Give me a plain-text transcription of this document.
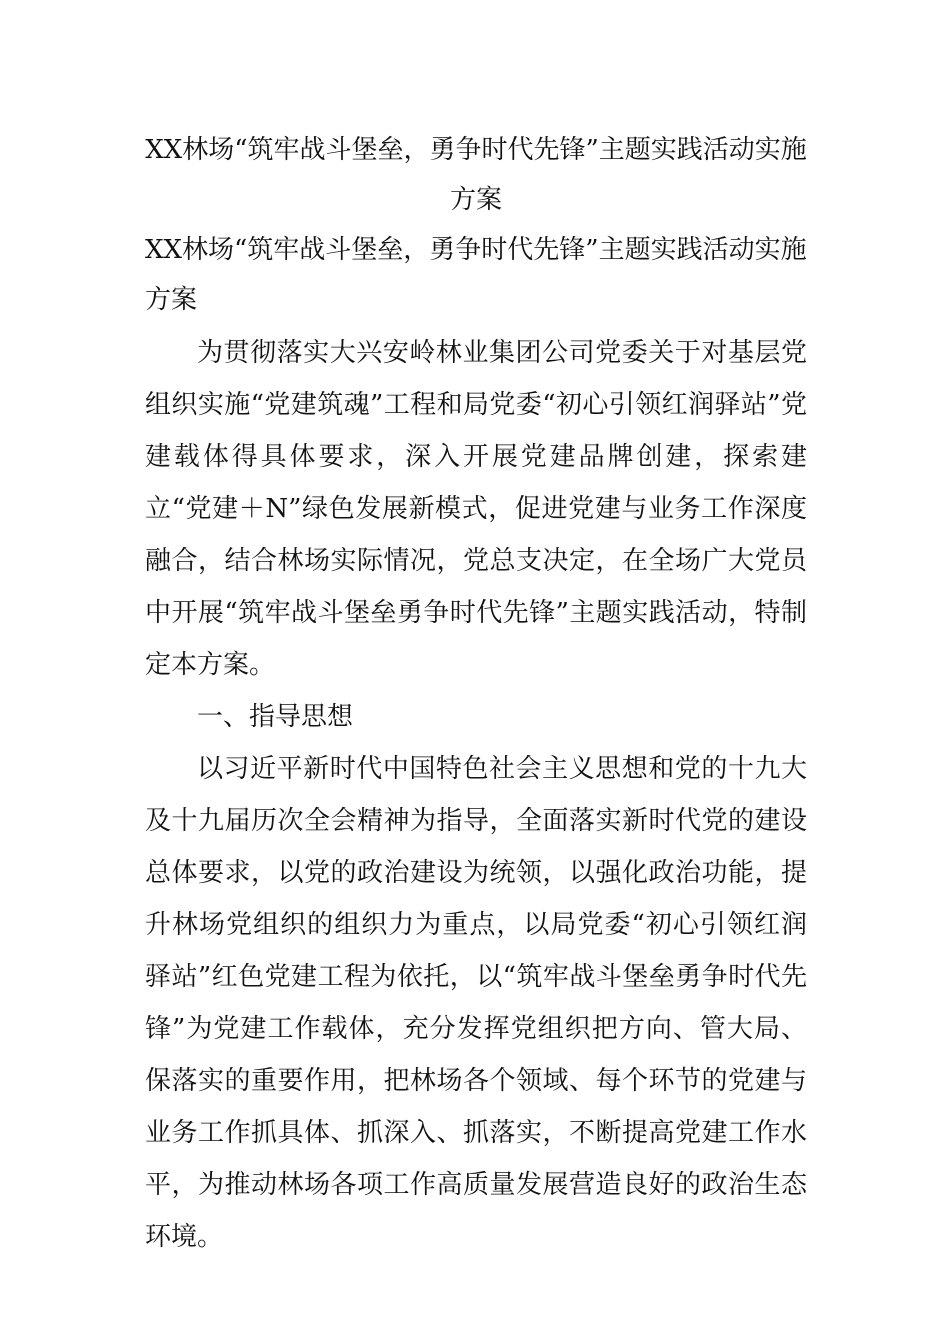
XX林场“筑牢战斗堡垒，勇争时代先锋”主题实践活动实施方案

XX林场“筑牢战斗堡垒，勇争时代先锋”主题实践活动实施方案

为贯彻落实大兴安岭林业集团公司党委关于对基层党组织实施“党建筑魂”工程和局党委“初心引领红润驿站”党建载体得具体要求，深入开展党建品牌创建，探索建立“党建＋N”绿色发展新模式，促进党建与业务工作深度融合，结合林场实际情况，党总支决定，在全场广大党员中开展“筑牢战斗堡垒勇争时代先锋”主题实践活动，特制定本方案。

一、指导思想

以习近平新时代中国特色社会主义思想和党的十九大及十九届历次全会精神为指导，全面落实新时代党的建设总体要求，以党的政治建设为统领，以强化政治功能，提升林场党组织的组织力为重点，以局党委“初心引领红润驿站”红色党建工程为依托，以“筑牢战斗堡垒勇争时代先锋”为党建工作载体，充分发挥党组织把方向、管大局、保落实的重要作用，把林场各个领域、每个环节的党建与业务工作抓具体、抓深入、抓落实，不断提高党建工作水平，为推动林场各项工作高质量发展营造良好的政治生态环境。
